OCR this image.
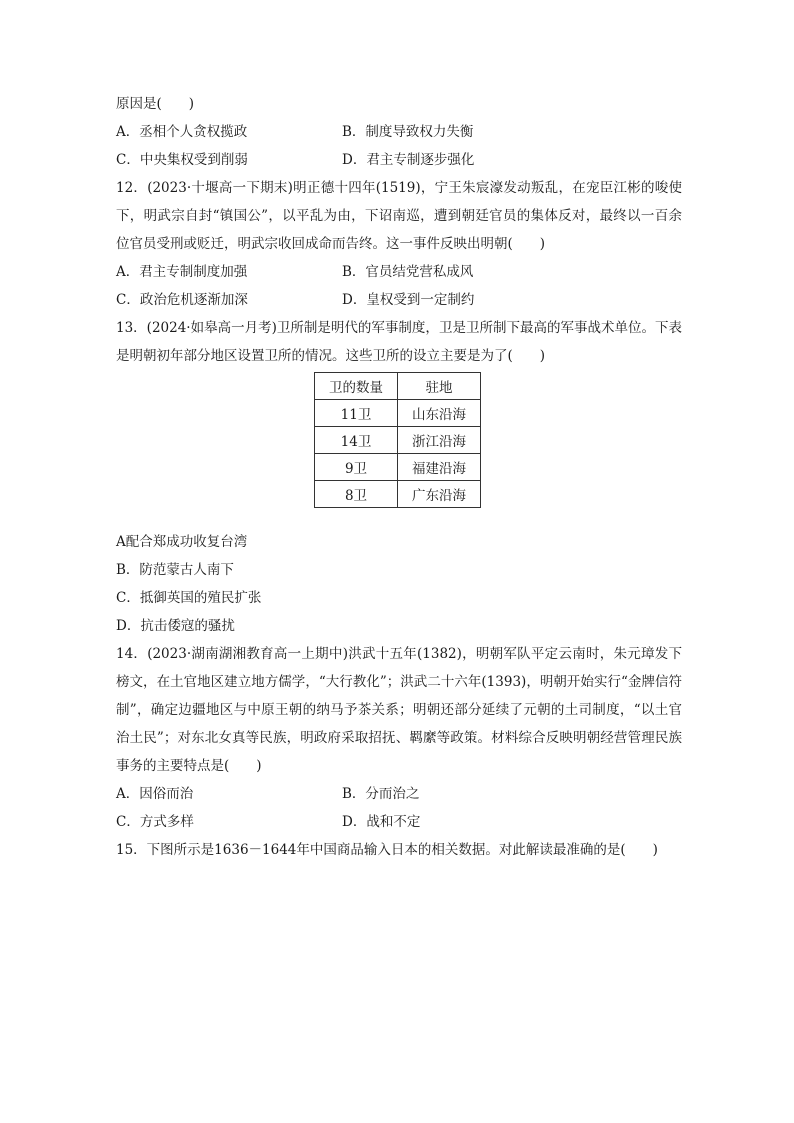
原因是(　　)
A．丞相个人贪权揽政	B．制度导致权力失衡
C．中央集权受到削弱	D．君主专制逐步强化
12．(2023·十堰高一下期末)明正德十四年(1519)，宁王朱宸濠发动叛乱，在宠臣江彬的唆使下，明武宗自封“镇国公”，以平乱为由，下诏南巡，遭到朝廷官员的集体反对，最终以一百余位官员受刑或贬迁，明武宗收回成命而告终。这一事件反映出明朝(　　)
A．君主专制制度加强	B．官员结党营私成风
C．政治危机逐渐加深	D．皇权受到一定制约
13．(2024·如皋高一月考)卫所制是明代的军事制度，卫是卫所制下最高的军事战术单位。下表是明朝初年部分地区设置卫所的情况。这些卫所的设立主要是为了(　　)
卫的数量	驻地
11卫	山东沿海
14卫	浙江沿海
9卫	福建沿海
8卫	广东沿海
A配合郑成功收复台湾
B．防范蒙古人南下
C．抵御英国的殖民扩张
D．抗击倭寇的骚扰
14．(2023·湖南湖湘教育高一上期中)洪武十五年(1382)，明朝军队平定云南时，朱元璋发下榜文，在土官地区建立地方儒学，“大行教化”；洪武二十六年(1393)，明朝开始实行“金牌信符制”，确定边疆地区与中原王朝的纳马予茶关系；明朝还部分延续了元朝的土司制度，“以土官治土民”；对东北女真等民族，明政府采取招抚、羁縻等政策。材料综合反映明朝经营管理民族事务的主要特点是(　　)
A．因俗而治	B．分而治之
C．方式多样	D．战和不定
15．下图所示是1636－1644年中国商品输入日本的相关数据。对此解读最准确的是(　　)
